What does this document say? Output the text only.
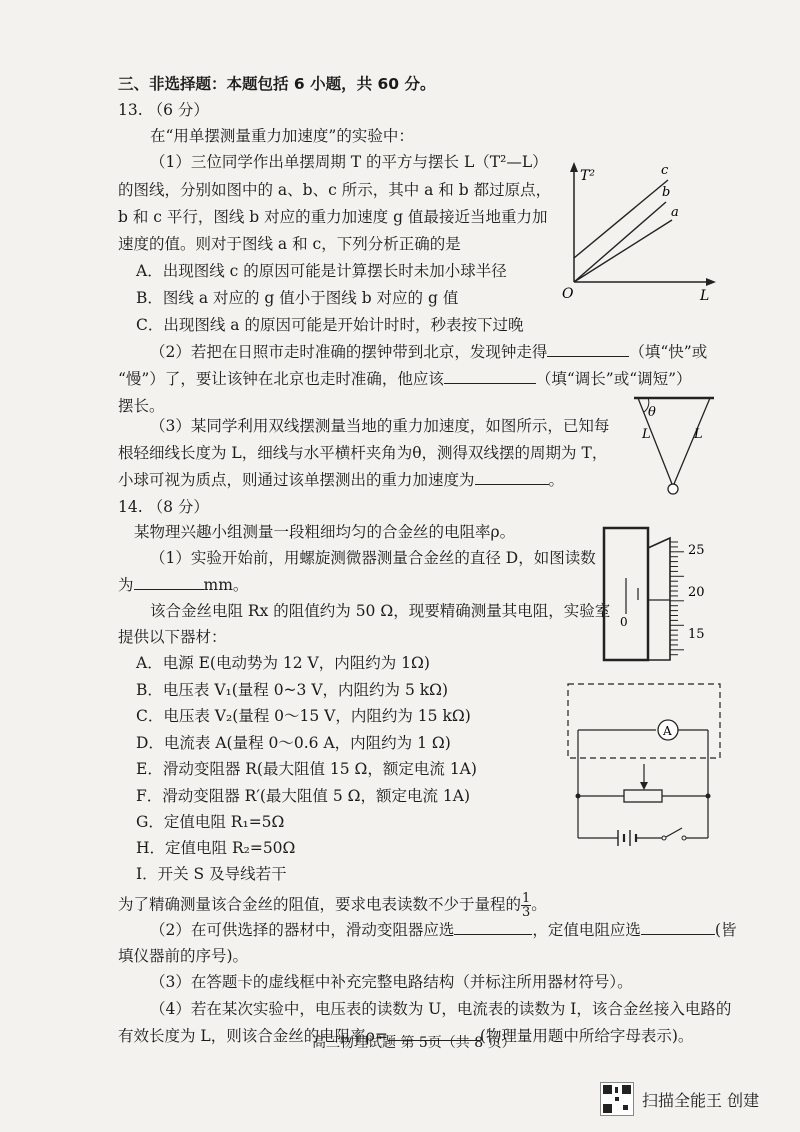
三、非选择题：本题包括 6 小题，共 60 分。
13. （6 分）
在“用单摆测量重力加速度”的实验中：
（1）三位同学作出单摆周期 T 的平方与摆长 L（T²—L）
的图线，分别如图中的 a、b、c 所示，其中 a 和 b 都过原点，
b 和 c 平行，图线 b 对应的重力加速度 g 值最接近当地重力加
速度的值。则对于图线 a 和 c，下列分析正确的是
A．出现图线 c 的原因可能是计算摆长时未加小球半径
B．图线 a 对应的 g 值小于图线 b 对应的 g 值
C．出现图线 a 的原因可能是开始计时时，秒表按下过晚
T²
L
O
c
b
a
（2）若把在日照市走时准确的摆钟带到北京，发现钟走得	（填“快”或
“慢”）了，要让该钟在北京也走时准确，他应该	（填“调长”或“调短”）
摆长。
（3）某同学利用双线摆测量当地的重力加速度，如图所示，已知每
根轻细线长度为 L，细线与水平横杆夹角为θ，测得双线摆的周期为 T，
小球可视为质点，则通过该单摆测出的重力加速度为	。
θ
L	L
14. （8 分）
某物理兴趣小组测量一段粗细均匀的合金丝的电阻率ρ。
（1）实验开始前，用螺旋测微器测量合金丝的直径 D，如图读数
为	mm。
该合金丝电阻 Rx 的阻值约为 50 Ω，现要精确测量其电阻，实验室
提供以下器材：
A．电源 E(电动势为 12 V，内阻约为 1Ω)
B．电压表 V₁(量程 0~3 V，内阻约为 5 kΩ)
C．电压表 V₂(量程 0～15 V，内阻约为 15 kΩ)
D．电流表 A(量程 0～0.6 A，内阻约为 1 Ω)
E．滑动变阻器 R(最大阻值 15 Ω，额定电流 1A)
F．滑动变阻器 R′(最大阻值 5 Ω，额定电流 1A)
G．定值电阻 R₁=5Ω
H．定值电阻 R₂=50Ω
I．开关 S 及导线若干
为了精确测量该合金丝的阻值，要求电表读数不少于量程的 $\frac{1}{3}$ 。
（2）在可供选择的器材中，滑动变阻器应选	，定值电阻应选	(皆
填仪器前的序号)。
（3）在答题卡的虚线框中补充完整电路结构（并标注所用器材符号）。
（4）若在某次实验中，电压表的读数为 U，电流表的读数为 I，该合金丝接入电路的
有效长度为 L，则该合金丝的电阻率ρ=	(物理量用题中所给字母表示)。
0
25
20
15
A
高三物理试题 第 5页（共 8 页）
扫描全能王 创建
